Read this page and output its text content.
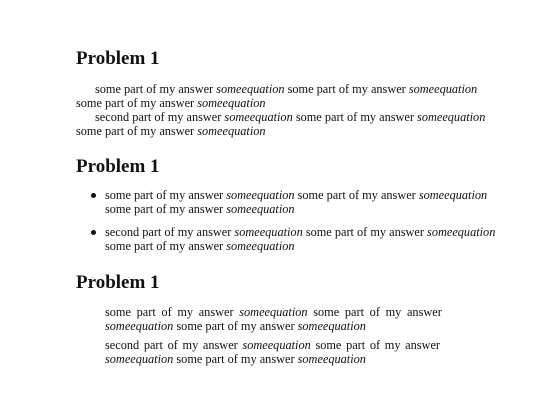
Problem 1

some part of my answer someequation some part of my answer someequation

some part of my answer someequation

second part of my answer someequation some part of my answer someequation

some part of my answer someequation

Problem 1

some part of my answer someequation some part of my answer someequation

some part of my answer someequation

second part of my answer someequation some part of my answer someequation

some part of my answer someequation

Problem 1

some part of my answer someequation some part of my answer

someequation some part of my answer someequation

second part of my answer someequation some part of my answer

someequation some part of my answer someequation
